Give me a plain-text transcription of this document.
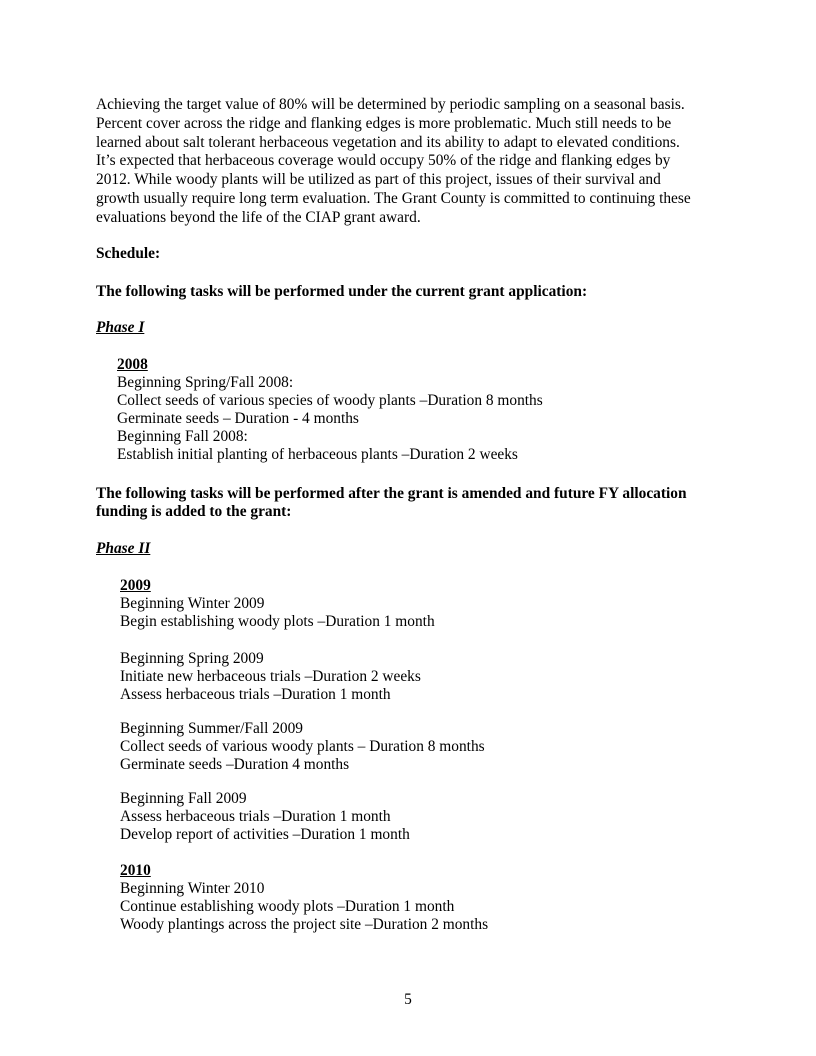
Achieving the target value of 80% will be determined by periodic sampling on a seasonal basis.
Percent cover across the ridge and flanking edges is more problematic. Much still needs to be
learned about salt tolerant herbaceous vegetation and its ability to adapt to elevated conditions.
It’s expected that herbaceous coverage would occupy 50% of the ridge and flanking edges by
2012. While woody plants will be utilized as part of this project, issues of their survival and
growth usually require long term evaluation. The Grant County is committed to continuing these
evaluations beyond the life of the CIAP grant award.
Schedule:
The following tasks will be performed under the current grant application:
Phase I
2008
Beginning Spring/Fall 2008:
Collect seeds of various species of woody plants –Duration 8 months
Germinate seeds – Duration - 4 months
Beginning Fall 2008:
Establish initial planting of herbaceous plants –Duration 2 weeks
The following tasks will be performed after the grant is amended and future FY allocation
funding is added to the grant:
Phase II
2009
Beginning Winter 2009
Begin establishing woody plots –Duration 1 month
Beginning Spring 2009
Initiate new herbaceous trials –Duration 2 weeks
Assess herbaceous trials –Duration 1 month
Beginning Summer/Fall 2009
Collect seeds of various woody plants – Duration 8 months
Germinate seeds –Duration 4 months
Beginning Fall 2009
Assess herbaceous trials –Duration 1 month
Develop report of activities –Duration 1 month
2010
Beginning Winter 2010
Continue establishing woody plots –Duration 1 month
Woody plantings across the project site –Duration 2 months
5
